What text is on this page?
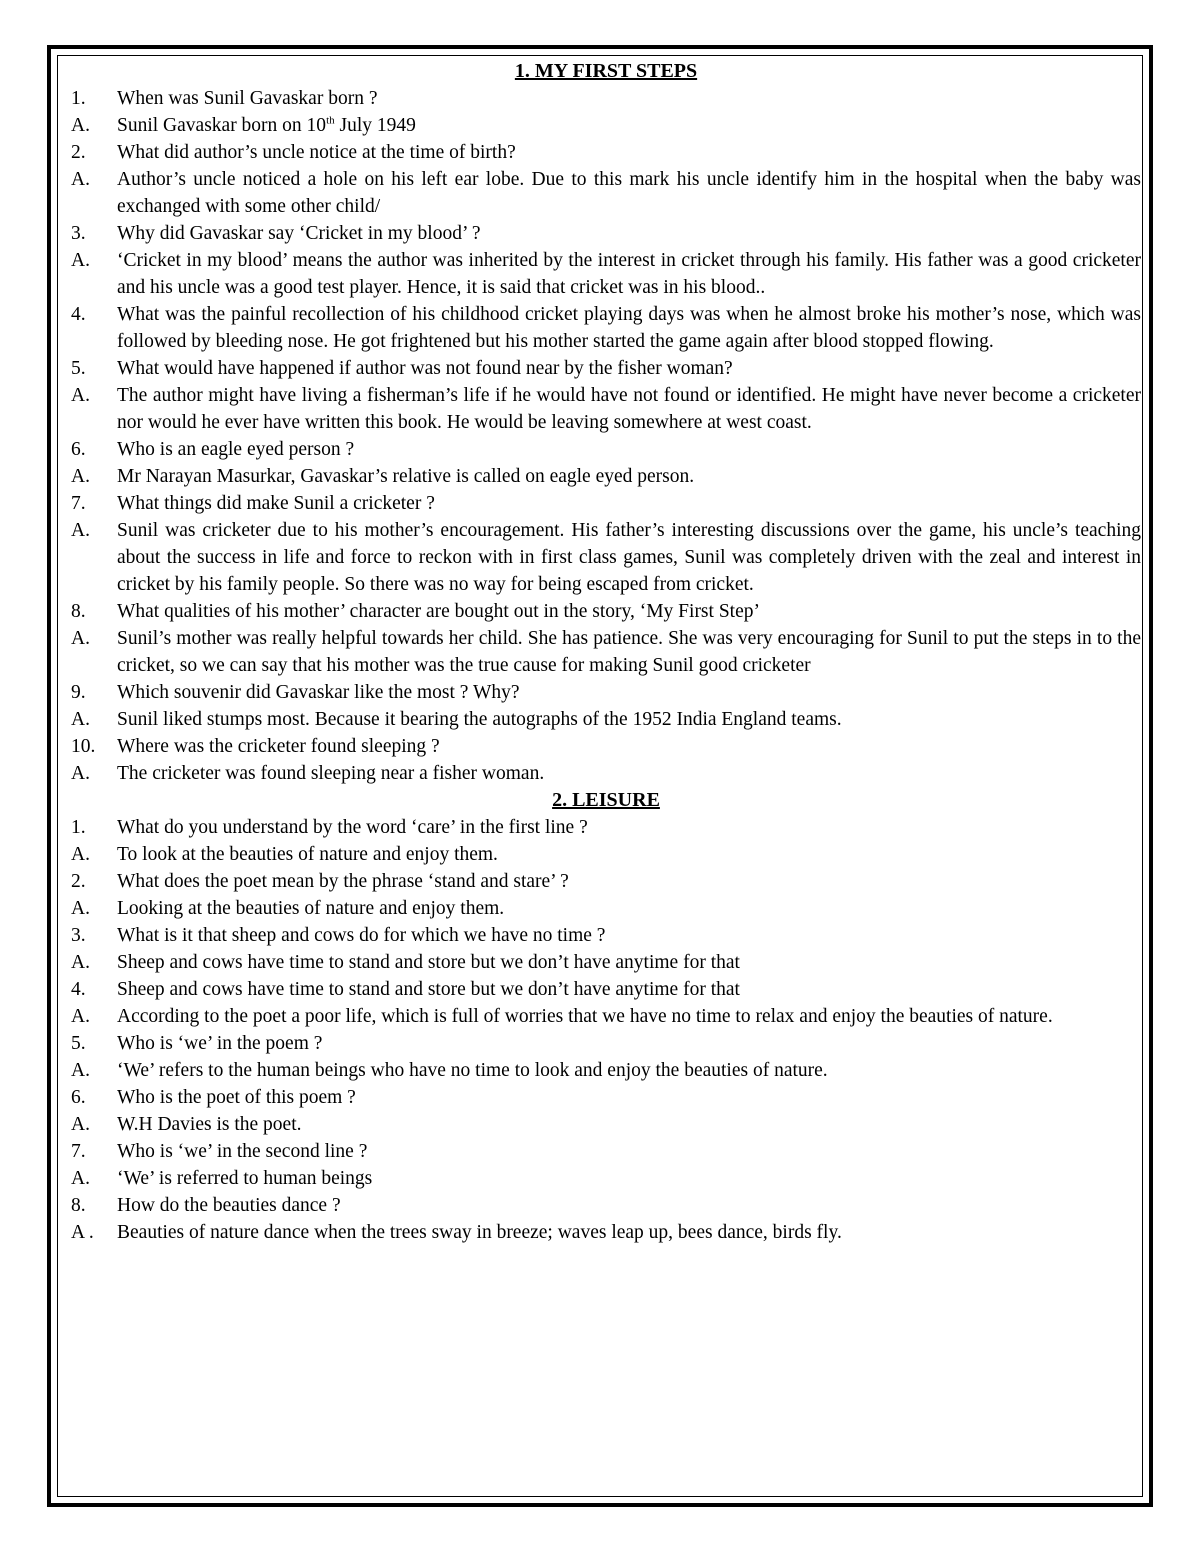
1. MY FIRST STEPS
1.	When was Sunil Gavaskar born ?
A.	Sunil Gavaskar born on 10th July 1949
2.	What did author’s uncle notice at the time of birth?
A.	Author’s uncle noticed a hole on his left ear lobe. Due to this mark his uncle identify him in the hospital when the baby was exchanged with some other child/
3.	Why did Gavaskar say ‘Cricket in my blood’ ?
A.	‘Cricket in my blood’ means the author was inherited by the interest in cricket through his family. His father was a good cricketer and his uncle was a good test player. Hence, it is said that cricket was in his blood..
4.	What was the painful recollection of his childhood cricket playing days was when he almost broke his mother’s nose, which was followed by bleeding nose. He got frightened but his mother started the game again after blood stopped flowing.
5.	What would have happened if author was not found near by the fisher woman?
A.	The author might have living a fisherman’s life if he would have not found or identified. He might have never become a cricketer nor would he ever have written this book. He would be leaving somewhere at west coast.
6.	Who is an eagle eyed person ?
A.	Mr Narayan Masurkar, Gavaskar’s relative is called on eagle eyed person.
7.	What things did make Sunil a cricketer ?
A.	Sunil was cricketer due to his mother’s encouragement. His father’s interesting discussions over the game, his uncle’s teaching about the success in life and force to reckon with in first class games, Sunil was completely driven with the zeal and interest in cricket by his family people. So there was no way for being escaped from cricket.
8.	What qualities of his mother’ character are bought out in the story, ‘My First Step’
A.	Sunil’s mother was really helpful towards her child. She has patience. She was very encouraging for Sunil to put the steps in to the cricket, so we can say that his mother was the true cause for making Sunil good cricketer
9.	Which souvenir did Gavaskar like the most ? Why?
A.	Sunil liked stumps most. Because it bearing the autographs of the 1952 India England teams.
10.	Where was the cricketer found sleeping ?
A.	The cricketer was found sleeping near a fisher woman.
2. LEISURE
1.	What do you understand by the word ‘care’ in the first line ?
A.	To look at the beauties of nature and enjoy them.
2.	What does the poet mean by the phrase ‘stand and stare’ ?
A.	Looking at the beauties of nature and enjoy them.
3.	What is it that sheep and cows do for which we have no time ?
A.	Sheep and cows have time to stand and store but we don’t have anytime for that
4.	Sheep and cows have time to stand and store but we don’t have anytime for that
A.	According to the poet a poor life, which is full of worries that we have no time to relax and enjoy the beauties of nature.
5.	Who is ‘we’ in the poem ?
A.	‘We’ refers to the human beings who have no time to look and enjoy the beauties of nature.
6.	Who is the poet of this poem ?
A.	W.H Davies is the poet.
7.	Who is ‘we’ in the second line ?
A.	‘We’ is referred to human beings
8.	How do the beauties dance ?
A .	Beauties of nature dance when the trees sway in breeze; waves leap up, bees dance, birds fly.
